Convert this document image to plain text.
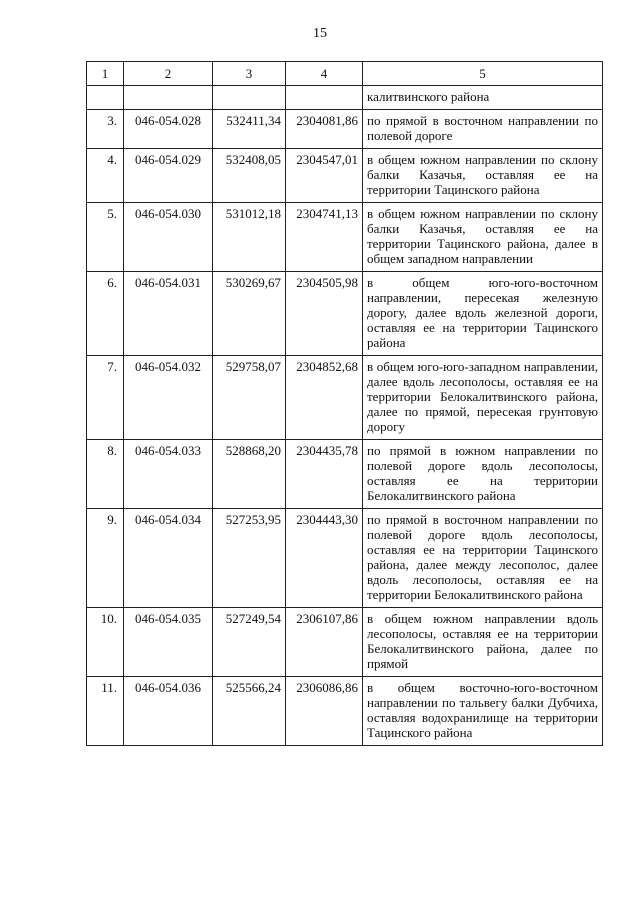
15
1	2	3	4	5
				калитвинского района
3.	046-054.028	532411,34	2304081,86	по прямой в восточном направлении по полевой дороге
4.	046-054.029	532408,05	2304547,01	в общем южном направлении по склону балки Казачья, оставляя ее на территории Тацинского района
5.	046-054.030	531012,18	2304741,13	в общем южном направлении по склону балки Казачья, оставляя ее на территории Тацинского района, далее в общем западном направлении
6.	046-054.031	530269,67	2304505,98	в общем юго-юго-восточном направлении, пересекая железную дорогу, далее вдоль железной дороги, оставляя ее на территории Тацинского района
7.	046-054.032	529758,07	2304852,68	в общем юго-юго-западном направлении, далее вдоль лесополосы, оставляя ее на территории Белокалитвинского района, далее по прямой, пересекая грунтовую дорогу
8.	046-054.033	528868,20	2304435,78	по прямой в южном направлении по полевой дороге вдоль лесополосы, оставляя ее на территории Белокалитвинского района
9.	046-054.034	527253,95	2304443,30	по прямой в восточном направлении по полевой дороге вдоль лесополосы, оставляя ее на территории Тацинского района, далее между лесополос, далее вдоль лесополосы, оставляя ее на территории Белокалитвинского района
10.	046-054.035	527249,54	2306107,86	в общем южном направлении вдоль лесополосы, оставляя ее на территории Белокалитвинского района, далее по прямой
11.	046-054.036	525566,24	2306086,86	в общем восточно-юго-восточном направлении по тальвегу балки Дубчиха, оставляя водохранилище на территории Тацинского района
